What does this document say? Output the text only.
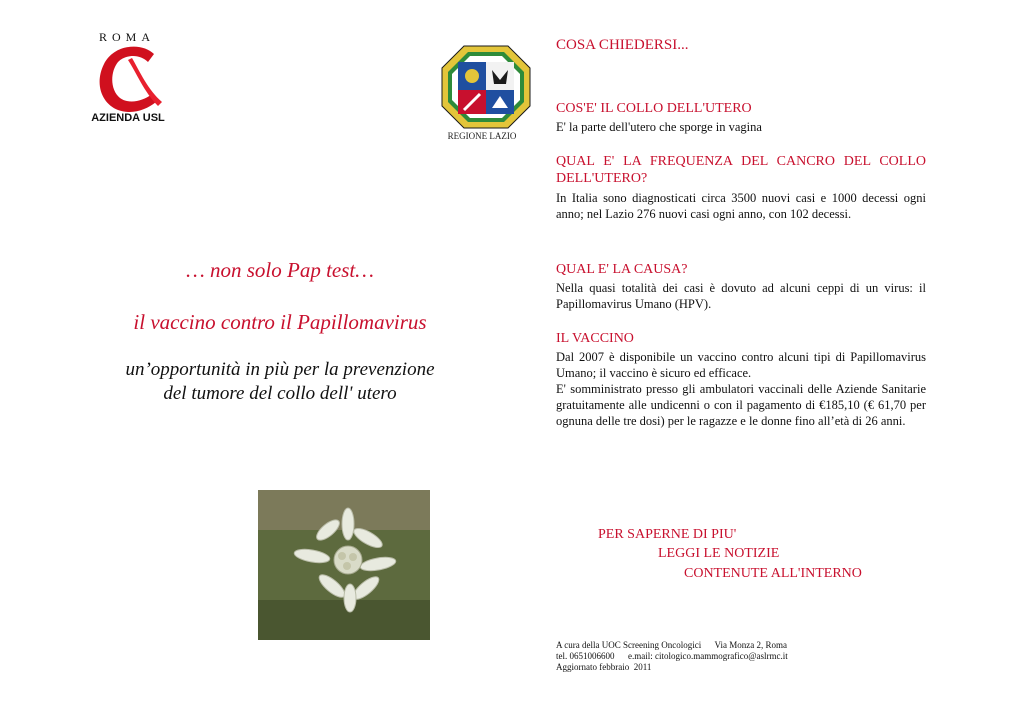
ROMA
AZIENDA USL
REGIONE LAZIO
… non solo Pap test…
il vaccino contro il Papillomavirus
un’opportunità in più per la prevenzione
del tumore del collo dell' utero
COSA CHIEDERSI...
COS'E' IL COLLO DELL'UTERO
E' la parte dell'utero che sporge in vagina
QUAL E' LA FREQUENZA DEL CANCRO DEL COLLO DELL'UTERO?
In Italia sono diagnosticati circa 3500 nuovi casi e 1000 decessi ogni anno; nel Lazio 276 nuovi casi ogni anno, con 102 decessi.
QUAL E' LA CAUSA?
Nella quasi totalità dei casi è dovuto ad alcuni ceppi di un virus: il Papillomavirus Umano (HPV).
IL VACCINO
Dal 2007 è disponibile un vaccino contro alcuni tipi di Papillomavirus Umano; il vaccino è sicuro ed efficace.
E' somministrato presso gli ambulatori vaccinali delle Aziende Sanitarie gratuitamente alle undicenni o con il pagamento di €185,10 (€ 61,70 per ognuna delle tre dosi) per le ragazze e le donne fino all’età di 26 anni.
PER SAPERNE DI PIU'
LEGGI LE NOTIZIE
CONTENUTE ALL'INTERNO
A cura della UOC Screening Oncologici      Via Monza 2, Roma
tel. 0651006600      e.mail: citologico.mammografico@aslrmc.it
Aggiornato febbraio  2011
